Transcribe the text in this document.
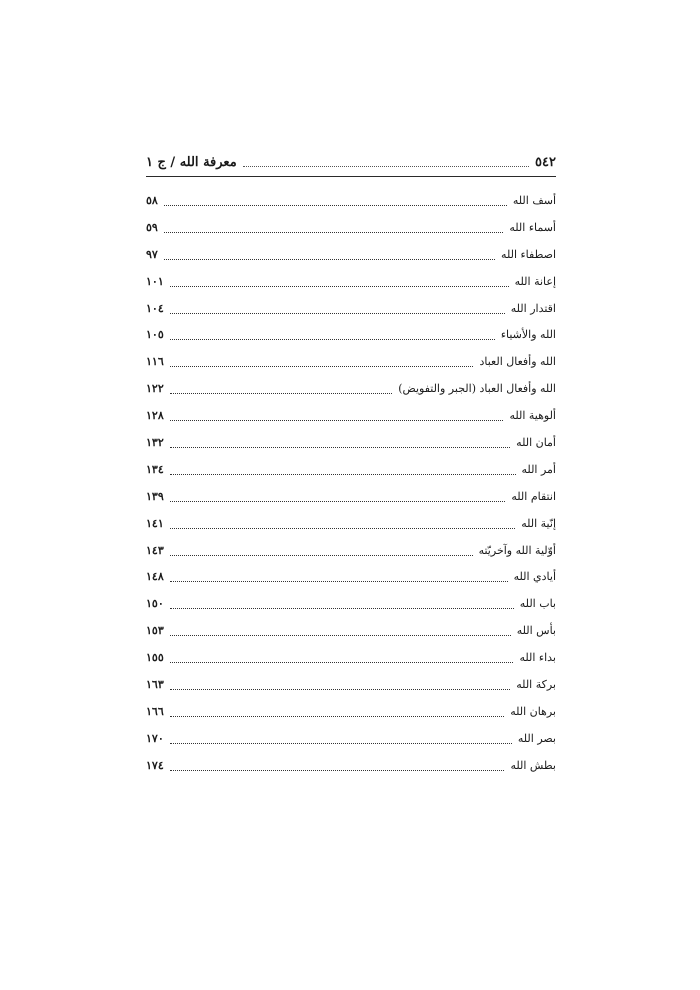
٥٤٢
معرفة الله / ج ١
أسف الله
٥٨
أسماء الله
٥٩
اصطفاء الله
٩٧
إعانة الله
١٠١
اقتدار الله
١٠٤
الله والأشياء
١٠٥
الله وأفعال العباد
١١٦
الله وأفعال العباد (الجبر والتفويض)
١٢٢
ألوهية الله
١٢٨
أمان الله
١٣٢
أمر الله
١٣٤
انتقام الله
١٣٩
إنّية الله
١٤١
أوّلية الله وآخريّته
١٤٣
أيادي الله
١٤٨
باب الله
١٥٠
بأس الله
١٥٣
بداء الله
١٥٥
بركة الله
١٦٣
برهان الله
١٦٦
بصر الله
١٧٠
بطش الله
١٧٤
